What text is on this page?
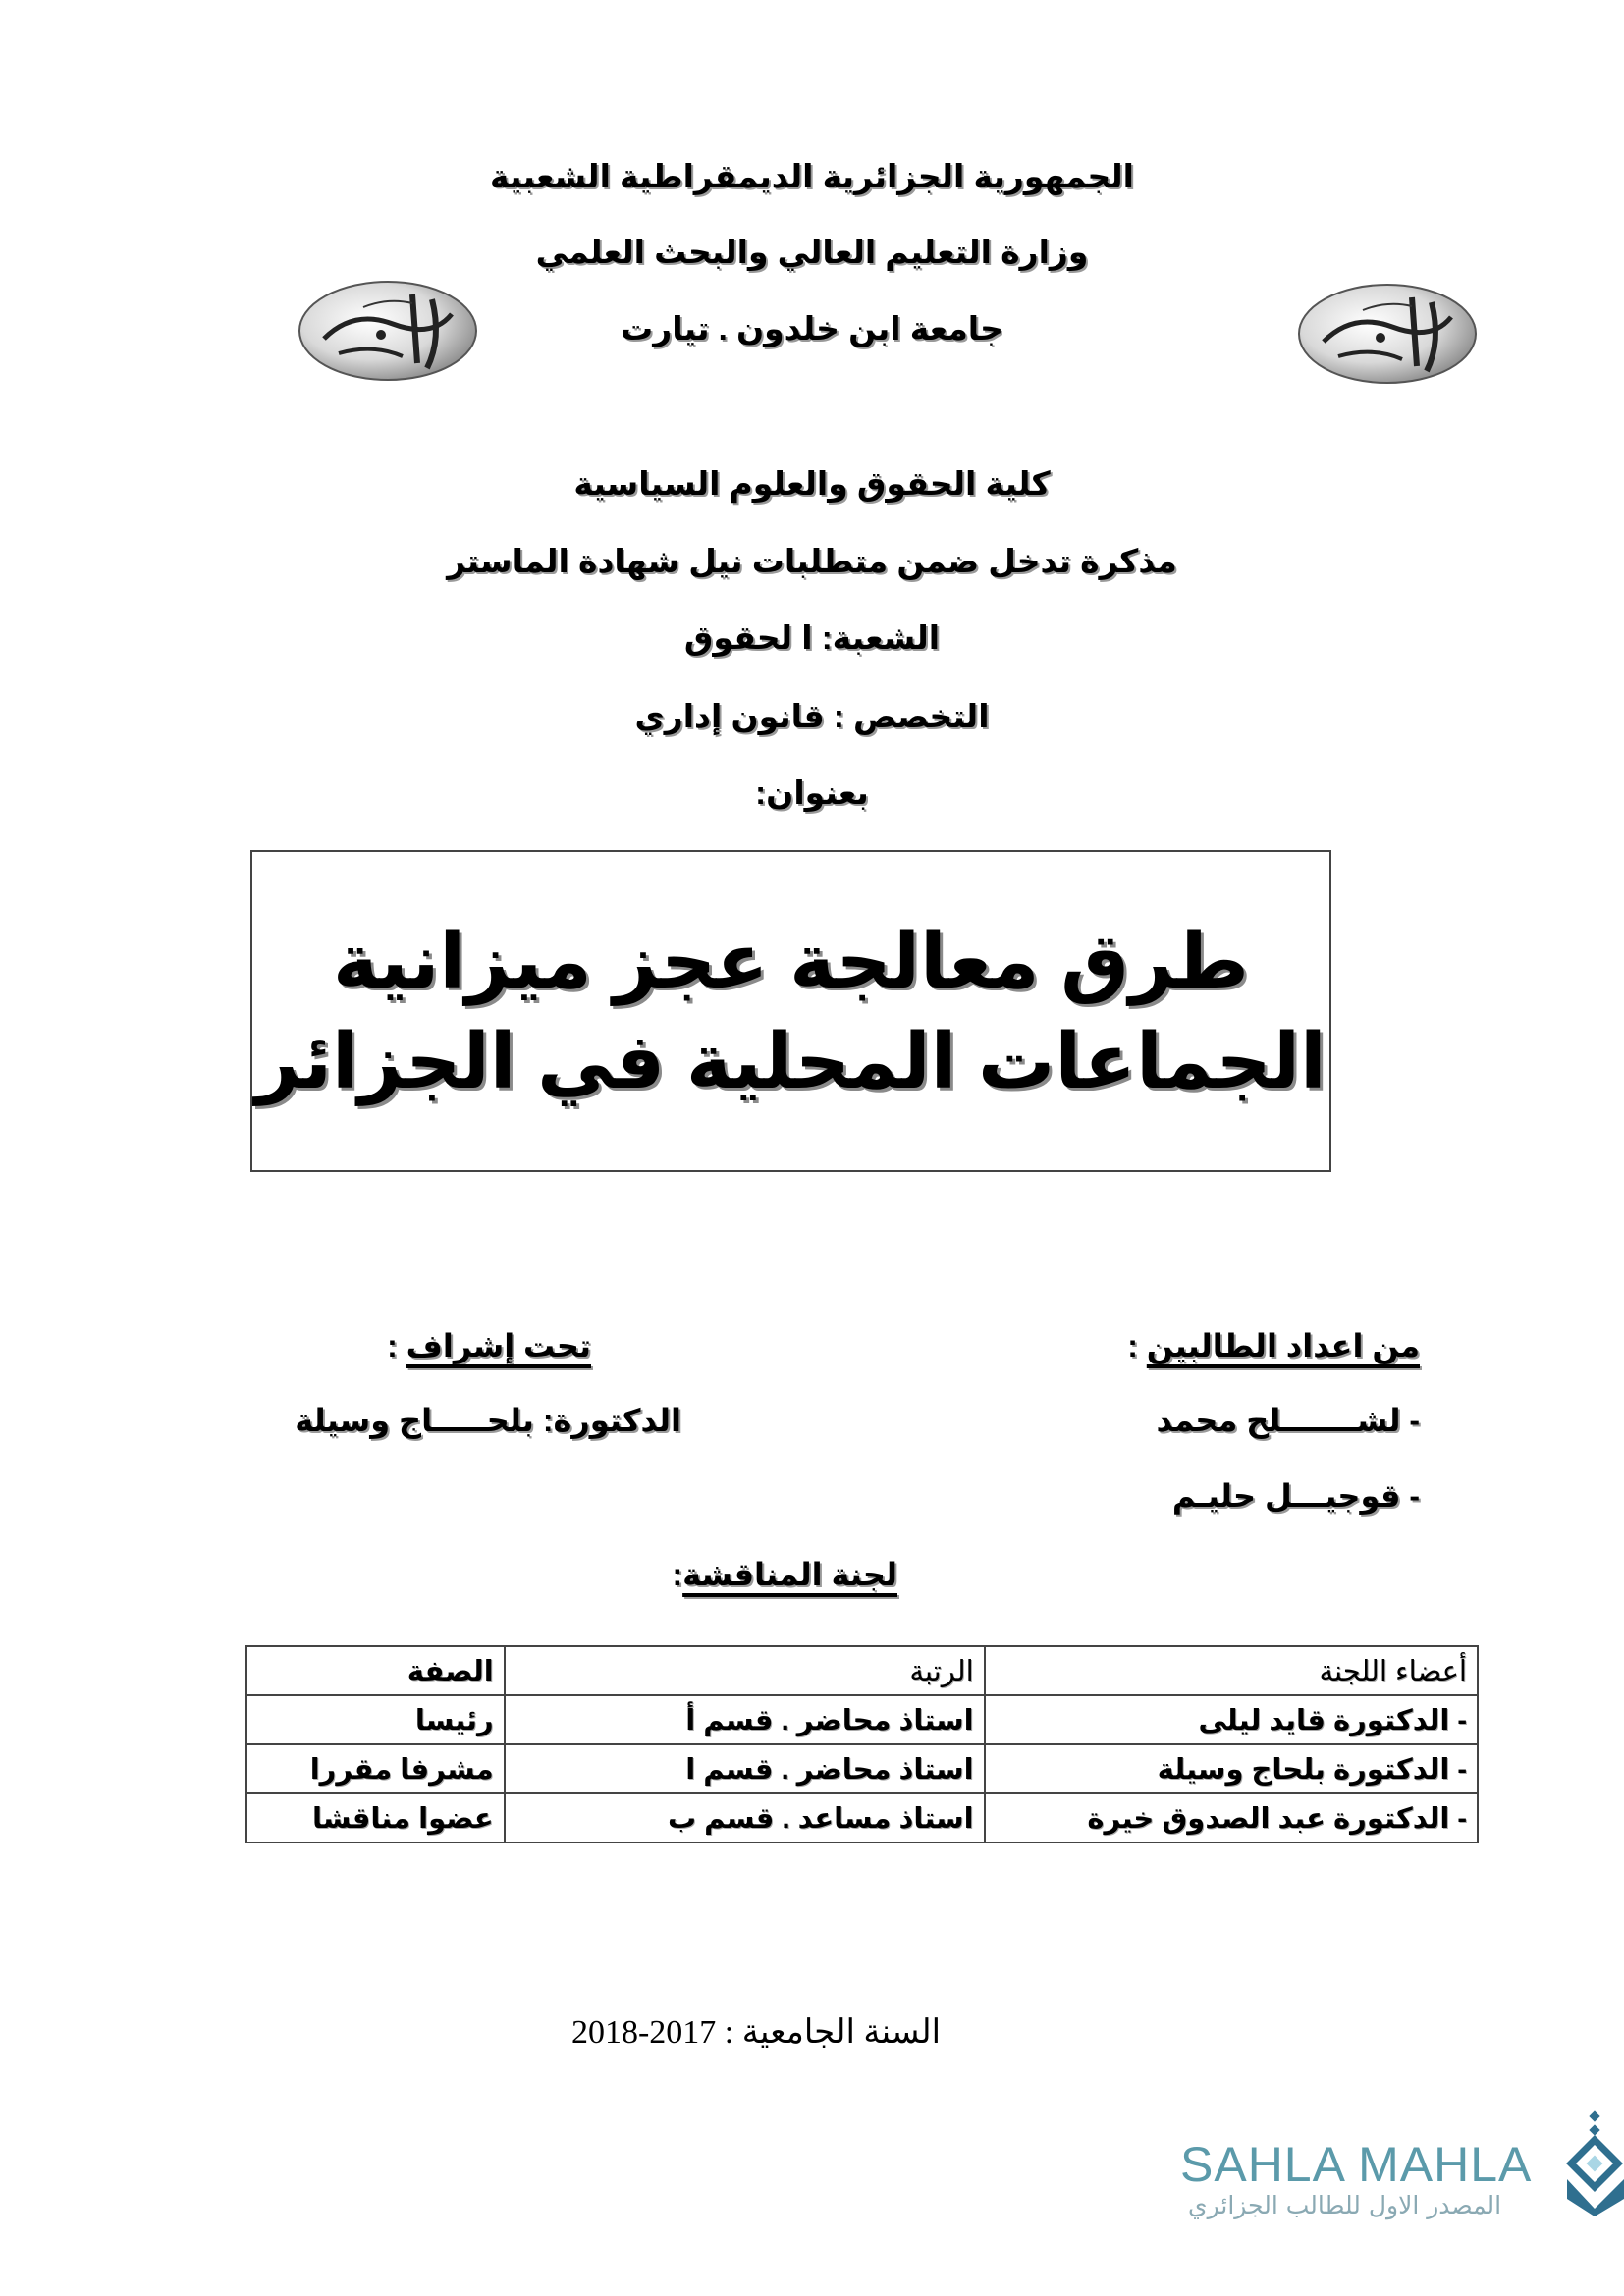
الجمهورية الجزائرية الديمقراطية الشعبية
وزارة التعليم العالي والبحث العلمي
جامعة ابن خلدون . تيارت
كلية الحقوق والعلوم السياسية
مذكرة تدخل ضمن متطلبات نيل شهادة الماستر
الشعبة: ا لحقوق
التخصص : قانون إداري
بعنوان:
طرق معالجة عجز ميزانية
الجماعات المحلية في الجزائر
من اعداد الطالبين :
- لشـــــــلح محمد
- قوجيـــل حليـم
تحت إشراف :
الدكتورة: بلحـــــاج وسيلة
لجنة المناقشة:
أعضاء اللجنة	الرتبة	الصفة
- الدكتورة قايد ليلى	استاذ محاضر . قسم أ	رئيسا
- الدكتورة بلحاج وسيلة	استاذ محاضر . قسم ا	مشرفا مقررا
- الدكتورة عبد الصدوق خيرة	استاذ مساعد . قسم ب	عضوا مناقشا
السنة الجامعية : 2017-2018
SAHLA MAHLA
المصدر الاول للطالب الجزائري
